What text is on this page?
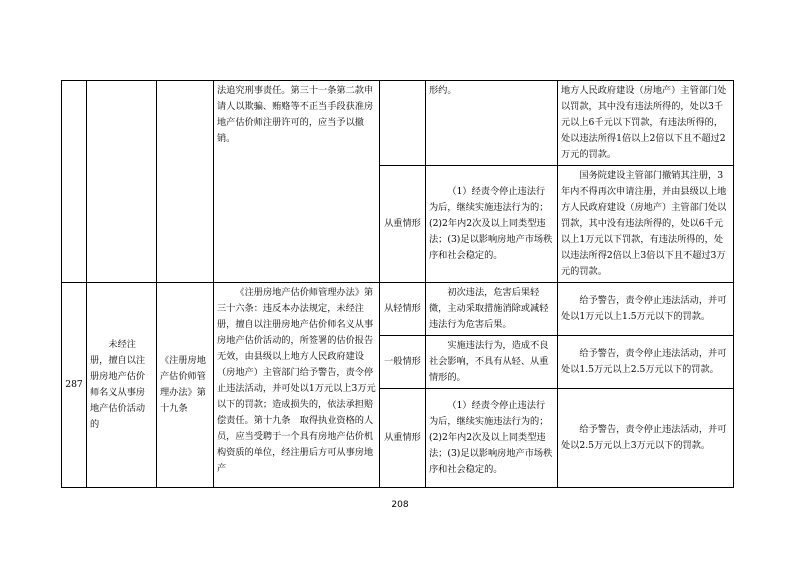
			法追究刑事责任。第三十一条第二款申请人以欺骗、贿赂等不正当手段获准房地产估价师注册许可的，应当予以撤销。		形约。	地方人民政府建设（房地产）主管部门处以罚款，其中没有违法所得的，处以3千元以上6千元以下罚款，有违法所得的，处以违法所得1倍以上2倍以下且不超过2万元的罚款。
				从重情形	（1）经责令停止违法行为后，继续实施违法行为的；(2)2年内2次及以上同类型违法；(3)足以影响房地产市场秩序和社会稳定的。	国务院建设主管部门撤销其注册，3年内不得再次申请注册，并由县级以上地方人民政府建设（房地产）主管部门处以罚款，其中没有违法所得的，处以6千元以上1万元以下罚款，有违法所得的，处以违法所得2倍以上3倍以下且不超过3万元的罚款。
287	未经注册，擅自以注册房地产估价师名义从事房地产估价活动的	《注册房地产估价师管理办法》第十九条	《注册房地产估价师管理办法》第三十六条：违反本办法规定，未经注册，擅自以注册房地产估价师名义从事房地产估价活动的，所签署的估价报告无效，由县级以上地方人民政府建设（房地产）主管部门给予警告，责令停止违法活动，并可处以1万元以上3万元以下的罚款；造成损失的，依法承担赔偿责任。第十九条　取得执业资格的人员，应当受聘于一个具有房地产估价机构资质的单位，经注册后方可从事房地产	从轻情形	初次违法，危害后果轻微，主动采取措施消除或减轻违法行为危害后果。	给予警告，责令停止违法活动，并可处以1万元以上1.5万元以下的罚款。
				一般情形	实施违法行为，造成不良社会影响，不具有从轻、从重情形的。	给予警告，责令停止违法活动，并可处以1.5万元以上2.5万元以下的罚款。
				从重情形	（1）经责令停止违法行为后，继续实施违法行为的；(2)2年内2次及以上同类型违法；(3)足以影响房地产市场秩序和社会稳定的。	给予警告，责令停止违法活动，并可处以2.5万元以上3万元以下的罚款。
208
